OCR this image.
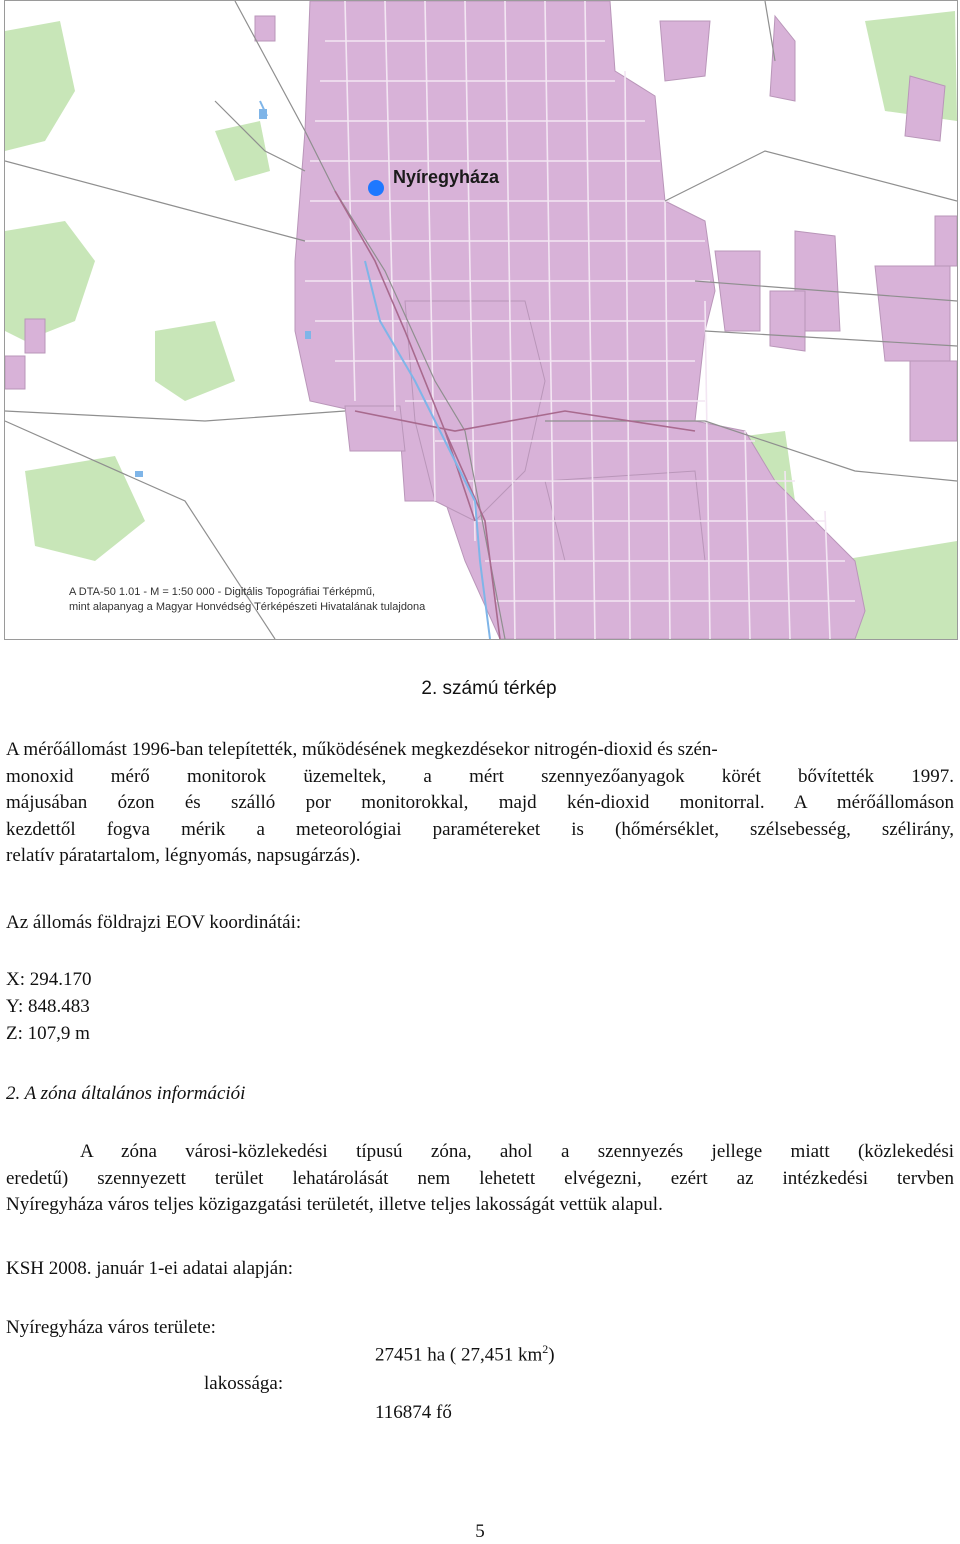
Nyíregyháza
A DTA-50 1.01 - M = 1:50 000 - Digitális Topográfiai Térképmű,
mint alapanyag a Magyar Honvédség Térképészeti Hivatalának tulajdona
2. számú térkép
A mérőállomást 1996-ban telepítették, működésének megkezdésekor nitrogén-dioxid és szén-
monoxid mérő monitorok üzemeltek, a mért szennyezőanyagok körét bővítették 1997.
májusában ózon és szálló por monitorokkal, majd kén-dioxid monitorral. A mérőállomáson
kezdettől fogva mérik a meteorológiai paramétereket is (hőmérséklet, szélsebesség, szélirány,
relatív páratartalom, légnyomás, napsugárzás).
Az állomás földrajzi EOV koordinátái:
X: 294.170
Y: 848.483
Z: 107,9 m
2. A zóna általános információi
A zóna városi-közlekedési típusú zóna, ahol a szennyezés jellege miatt (közlekedési
eredetű) szennyezett terület lehatárolását nem lehetett elvégezni, ezért az intézkedési tervben
Nyíregyháza város teljes közigazgatási területét, illetve teljes lakosságát vettük alapul.
KSH 2008. január 1-ei adatai alapján:
Nyíregyháza város területe:
27451 ha ( 27,451 $km^2$)
lakossága:
116874 fő
5
